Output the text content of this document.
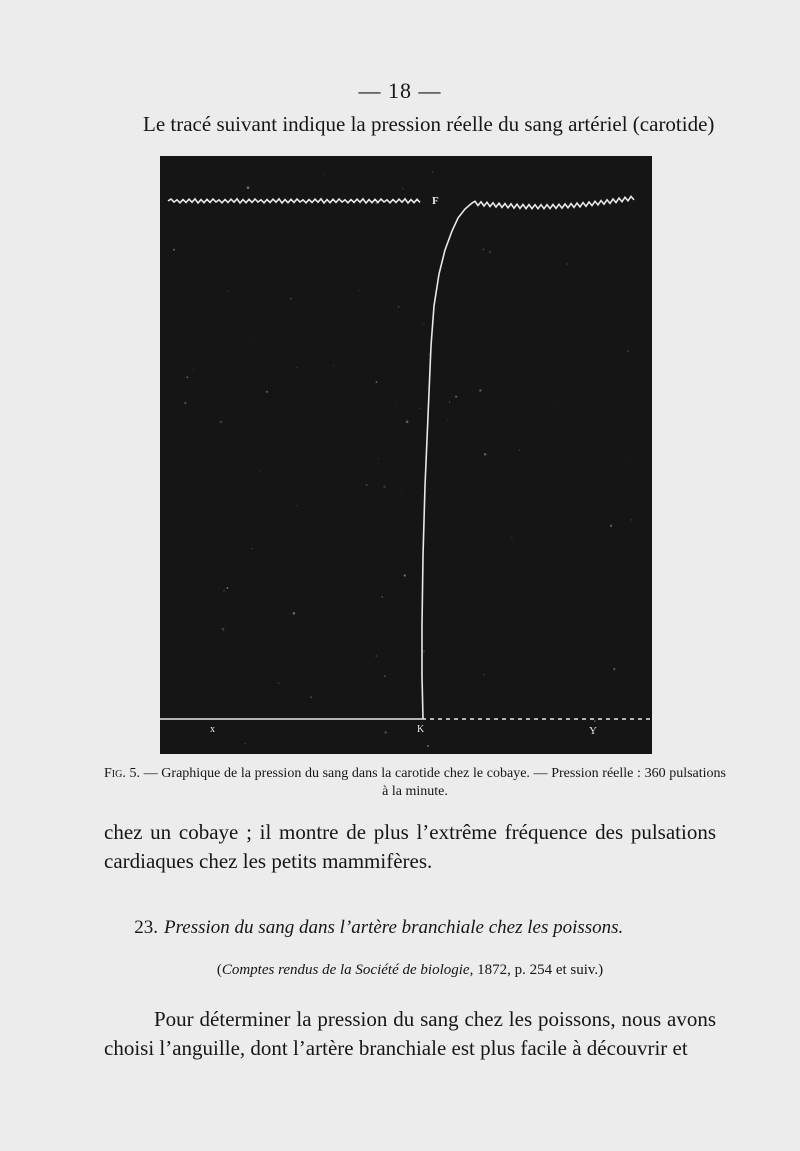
— 18 —
Le tracé suivant indique la pression réelle du sang artériel (carotide)
F
x	K	Y
Fig. 5. — Graphique de la pression du sang dans la carotide chez le cobaye. — Pression réelle : 360 pulsations à la minute.
chez un cobaye ; il montre de plus l’extrême fréquence des pulsations
cardiaques chez les petits mammifères.
23. Pression du sang dans l’artère branchiale chez les poissons.
(Comptes rendus de la Société de biologie, 1872, p. 254 et suiv.)
Pour déterminer la pression du sang chez les poissons, nous avons choisi l’anguille, dont l’artère branchiale est plus facile à découvrir et
